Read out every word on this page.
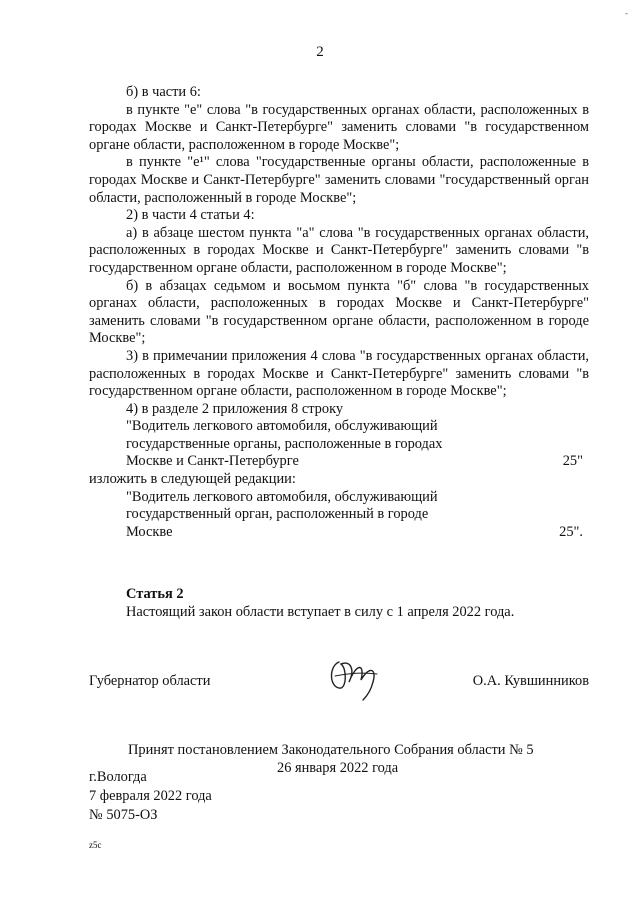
-
2

б) в части 6:

в пункте "е" слова "в государственных органах области, расположенных в городах Москве и Санкт-Петербурге" заменить словами "в государственном органе области, расположенном в городе Москве";

в пункте "е¹" слова "государственные органы области, расположенные в городах Москве и Санкт-Петербурге" заменить словами "государственный орган области, расположенный в городе Москве";

2) в части 4 статьи 4:

а) в абзаце шестом пункта "а" слова "в государственных органах области, расположенных в городах Москве и Санкт-Петербурге" заменить словами "в государственном органе области, расположенном в городе Москве";

б) в абзацах седьмом и восьмом пункта "б" слова "в государственных органах области, расположенных в городах Москве и Санкт-Петербурге" заменить словами "в государственном органе области, расположенном в городе Москве";

3) в примечании приложения 4 слова "в государственных органах области, расположенных в городах Москве и Санкт-Петербурге" заменить словами "в государственном органе области, расположенном в городе Москве";

4) в разделе 2 приложения 8 строку

"Водитель легкового автомобиля, обслуживающий
государственные органы, расположенные в городах
Москве и Санкт-Петербурге	25"

изложить в следующей редакции:

"Водитель легкового автомобиля, обслуживающий
государственный орган, расположенный в городе
Москве	25".
Статья 2
Настоящий закон области вступает в силу с 1 апреля 2022 года.
Губернатор области	О.А. Кувшинников
Принят постановлением Законодательного Собрания области № 5
26 января 2022 года
г.Вологда
7 февраля 2022 года
№ 5075-ОЗ
z5c
